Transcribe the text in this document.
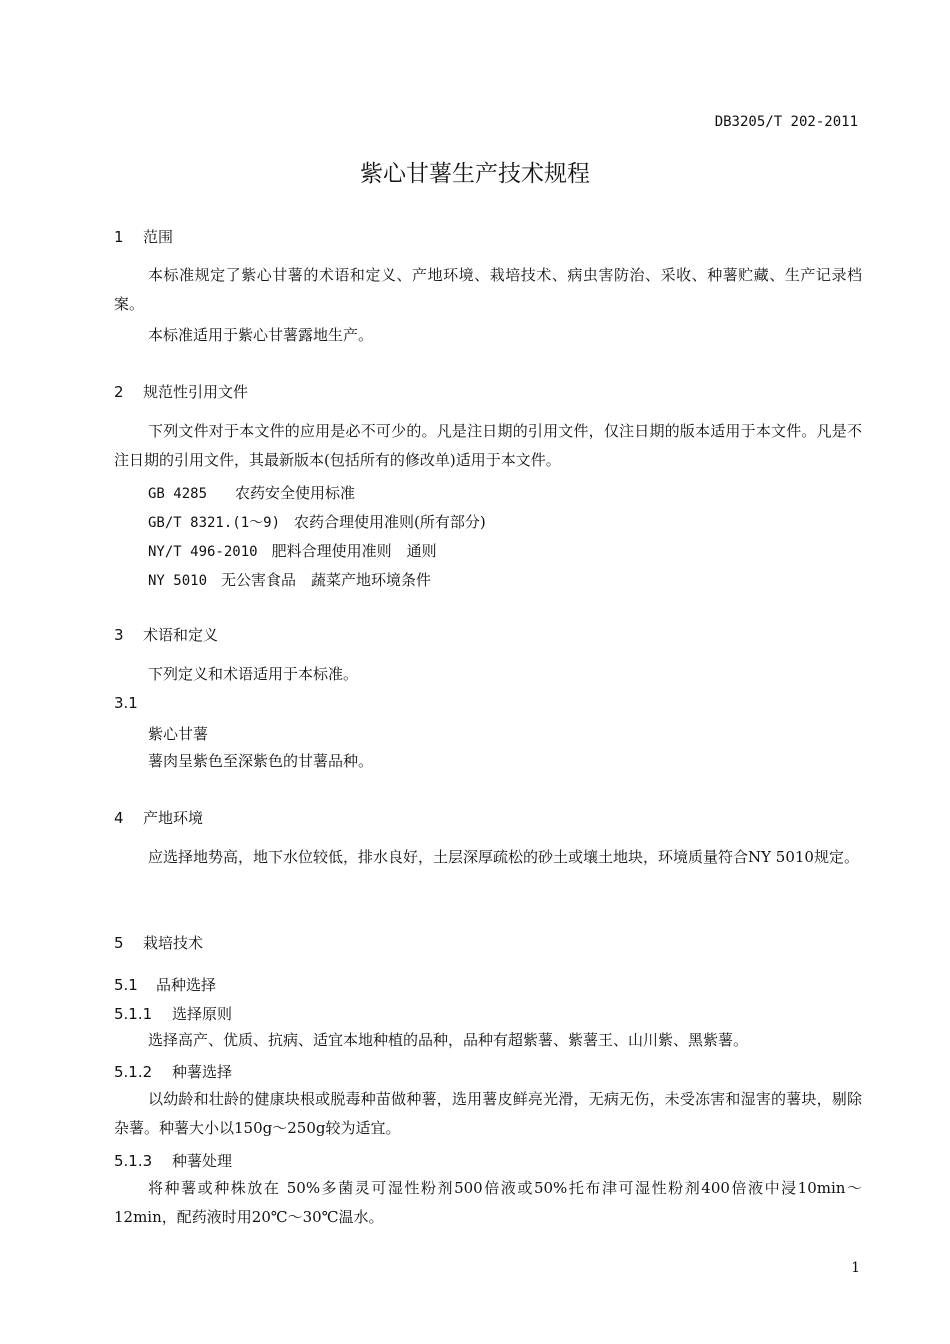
DB3205/T 202-2011
紫心甘薯生产技术规程
1 范围
本标准规定了紫心甘薯的术语和定义、产地环境、栽培技术、病虫害防治、采收、种薯贮藏、生产记录档案。
本标准适用于紫心甘薯露地生产。
2 规范性引用文件
下列文件对于本文件的应用是必不可少的。凡是注日期的引用文件，仅注日期的版本适用于本文件。凡是不注日期的引用文件，其最新版本(包括所有的修改单)适用于本文件。
GB 4285 农药安全使用标准
GB/T 8321.(1～9) 农药合理使用准则(所有部分)
NY/T 496-2010 肥料合理使用准则　通则
NY 5010 无公害食品　蔬菜产地环境条件
3 术语和定义
下列定义和术语适用于本标准。
3.1
紫心甘薯
薯肉呈紫色至深紫色的甘薯品种。
4 产地环境
应选择地势高，地下水位较低，排水良好，土层深厚疏松的砂土或壤土地块，环境质量符合NY 5010规定。
5 栽培技术
5.1 品种选择
5.1.1 选择原则
选择高产、优质、抗病、适宜本地种植的品种，品种有超紫薯、紫薯王、山川紫、黑紫薯。
5.1.2 种薯选择
以幼龄和壮龄的健康块根或脱毒种苗做种薯，选用薯皮鲜亮光滑，无病无伤，未受冻害和湿害的薯块，剔除杂薯。种薯大小以150g～250g较为适宜。
5.1.3 种薯处理
将种薯或种株放在 50%多菌灵可湿性粉剂500倍液或50%托布津可湿性粉剂400倍液中浸10min～12min，配药液时用20℃～30℃温水。
1
